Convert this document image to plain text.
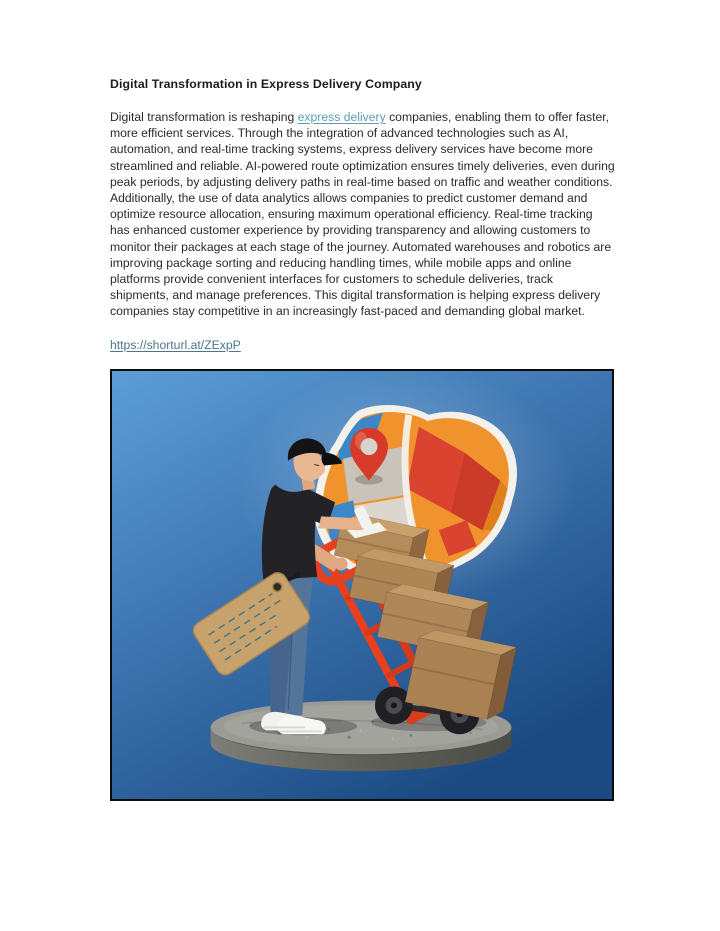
Digital Transformation in Express Delivery Company

Digital transformation is reshaping express delivery companies, enabling them to offer faster, more efficient services. Through the integration of advanced technologies such as AI, automation, and real-time tracking systems, express delivery services have become more streamlined and reliable. AI-powered route optimization ensures timely deliveries, even during peak periods, by adjusting delivery paths in real-time based on traffic and weather conditions. Additionally, the use of data analytics allows companies to predict customer demand and optimize resource allocation, ensuring maximum operational efficiency. Real-time tracking has enhanced customer experience by providing transparency and allowing customers to monitor their packages at each stage of the journey. Automated warehouses and robotics are improving package sorting and reducing handling times, while mobile apps and online platforms provide convenient interfaces for customers to schedule deliveries, track shipments, and manage preferences. This digital transformation is helping express delivery companies stay competitive in an increasingly fast-paced and demanding global market.

https://shorturl.at/ZExpP
